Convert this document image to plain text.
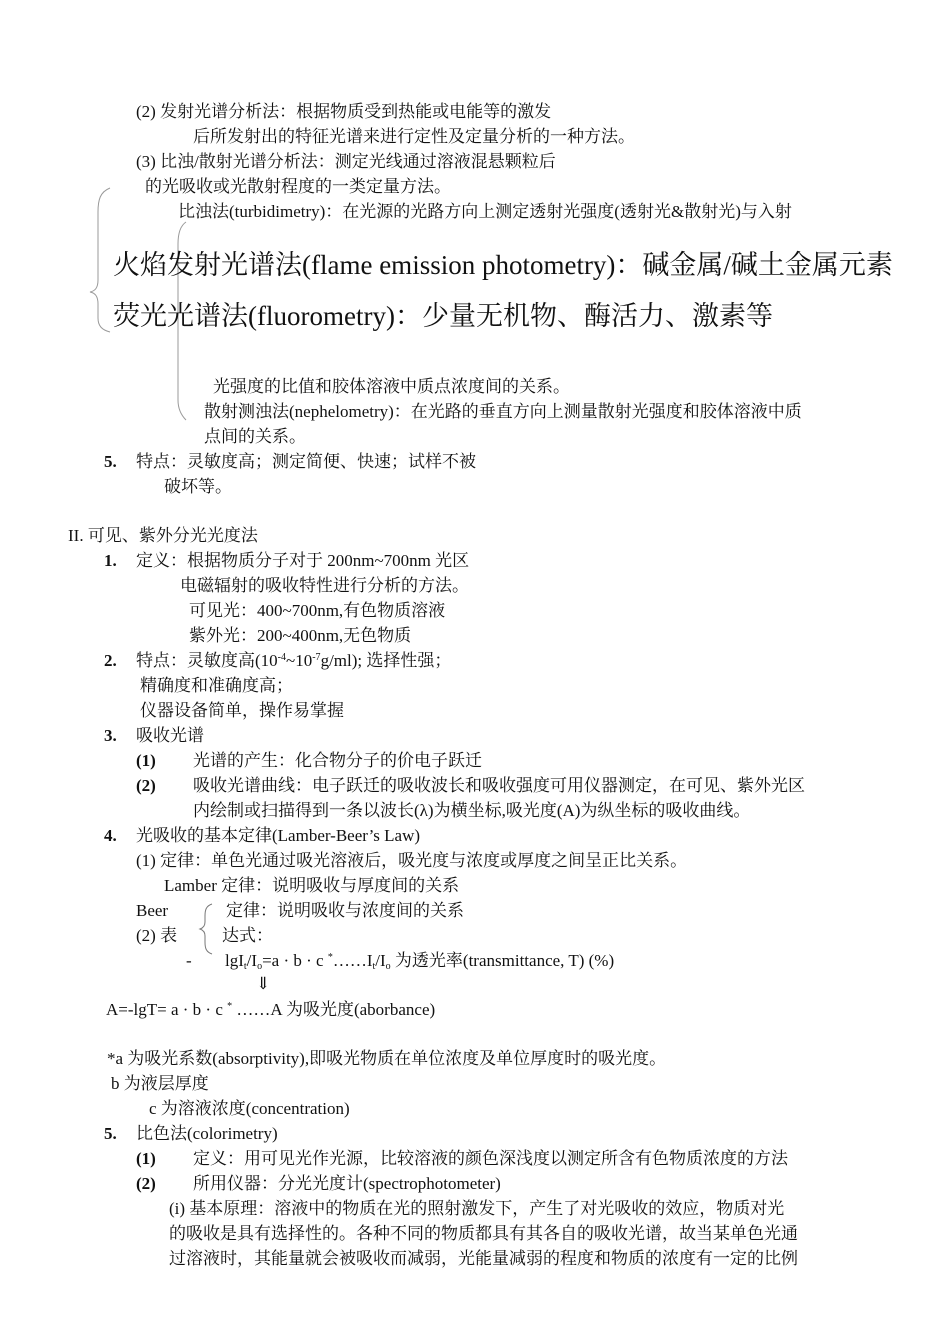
(2) 发射光谱分析法：根据物质受到热能或电能等的激发
后所发射出的特征光谱来进行定性及定量分析的一种方法。
(3) 比浊/散射光谱分析法：测定光线通过溶液混悬颗粒后
的光吸收或光散射程度的一类定量方法。
比浊法(turbidimetry)：在光源的光路方向上测定透射光强度(透射光&散射光)与入射
火焰发射光谱法(flame emission photometry)：碱金属/碱土金属元素
荧光光谱法(fluorometry)：少量无机物、酶活力、激素等
光强度的比值和胶体溶液中质点浓度间的关系。
散射测浊法(nephelometry)：在光路的垂直方向上测量散射光强度和胶体溶液中质
点间的关系。
5. 特点：灵敏度高；测定简便、快速；试样不被
破坏等。
II. 可见、紫外分光光度法
1. 定义：根据物质分子对于 200nm~700nm 光区
电磁辐射的吸收特性进行分析的方法。
可见光：400~700nm,有色物质溶液
紫外光：200~400nm,无色物质
2. 特点：灵敏度高$(10^{-4}\sim 10^{-7}g/ml)$; 选择性强；
精确度和准确度高；
仪器设备简单，操作易掌握
3. 吸收光谱
(1) 光谱的产生：化合物分子的价电子跃迁
(2) 吸收光谱曲线：电子跃迁的吸收波长和吸收强度可用仪器测定，在可见、紫外光区
内绘制或扫描得到一条以波长(λ)为横坐标,吸光度(A)为纵坐标的吸收曲线。
4. 光吸收的基本定律(Lamber-Beer’s Law)
(1) 定律：单色光通过吸光溶液后，吸光度与浓度或厚度之间呈正比关系。
Lamber 定律：说明吸收与厚度间的关系
Beer	定律：说明吸收与浓度间的关系
(2) 表	达式：
- $\lg I_t/I_o=a \cdot b \cdot c$ $^*\dots\dots I_t/I_o$ 为透光率(transmittance, T) (%)
⇓
A=-lgT= a · b · c * ……A 为吸光度(aborbance)
*a 为吸光系数(absorptivity),即吸光物质在单位浓度及单位厚度时的吸光度。
b 为液层厚度
c 为溶液浓度(concentration)
5. 比色法(colorimetry)
(1) 定义：用可见光作光源，比较溶液的颜色深浅度以测定所含有色物质浓度的方法
(2) 所用仪器：分光光度计(spectrophotometer)
(i) 基本原理：溶液中的物质在光的照射激发下，产生了对光吸收的效应，物质对光
的吸收是具有选择性的。各种不同的物质都具有其各自的吸收光谱，故当某单色光通
过溶液时，其能量就会被吸收而减弱，光能量减弱的程度和物质的浓度有一定的比例
